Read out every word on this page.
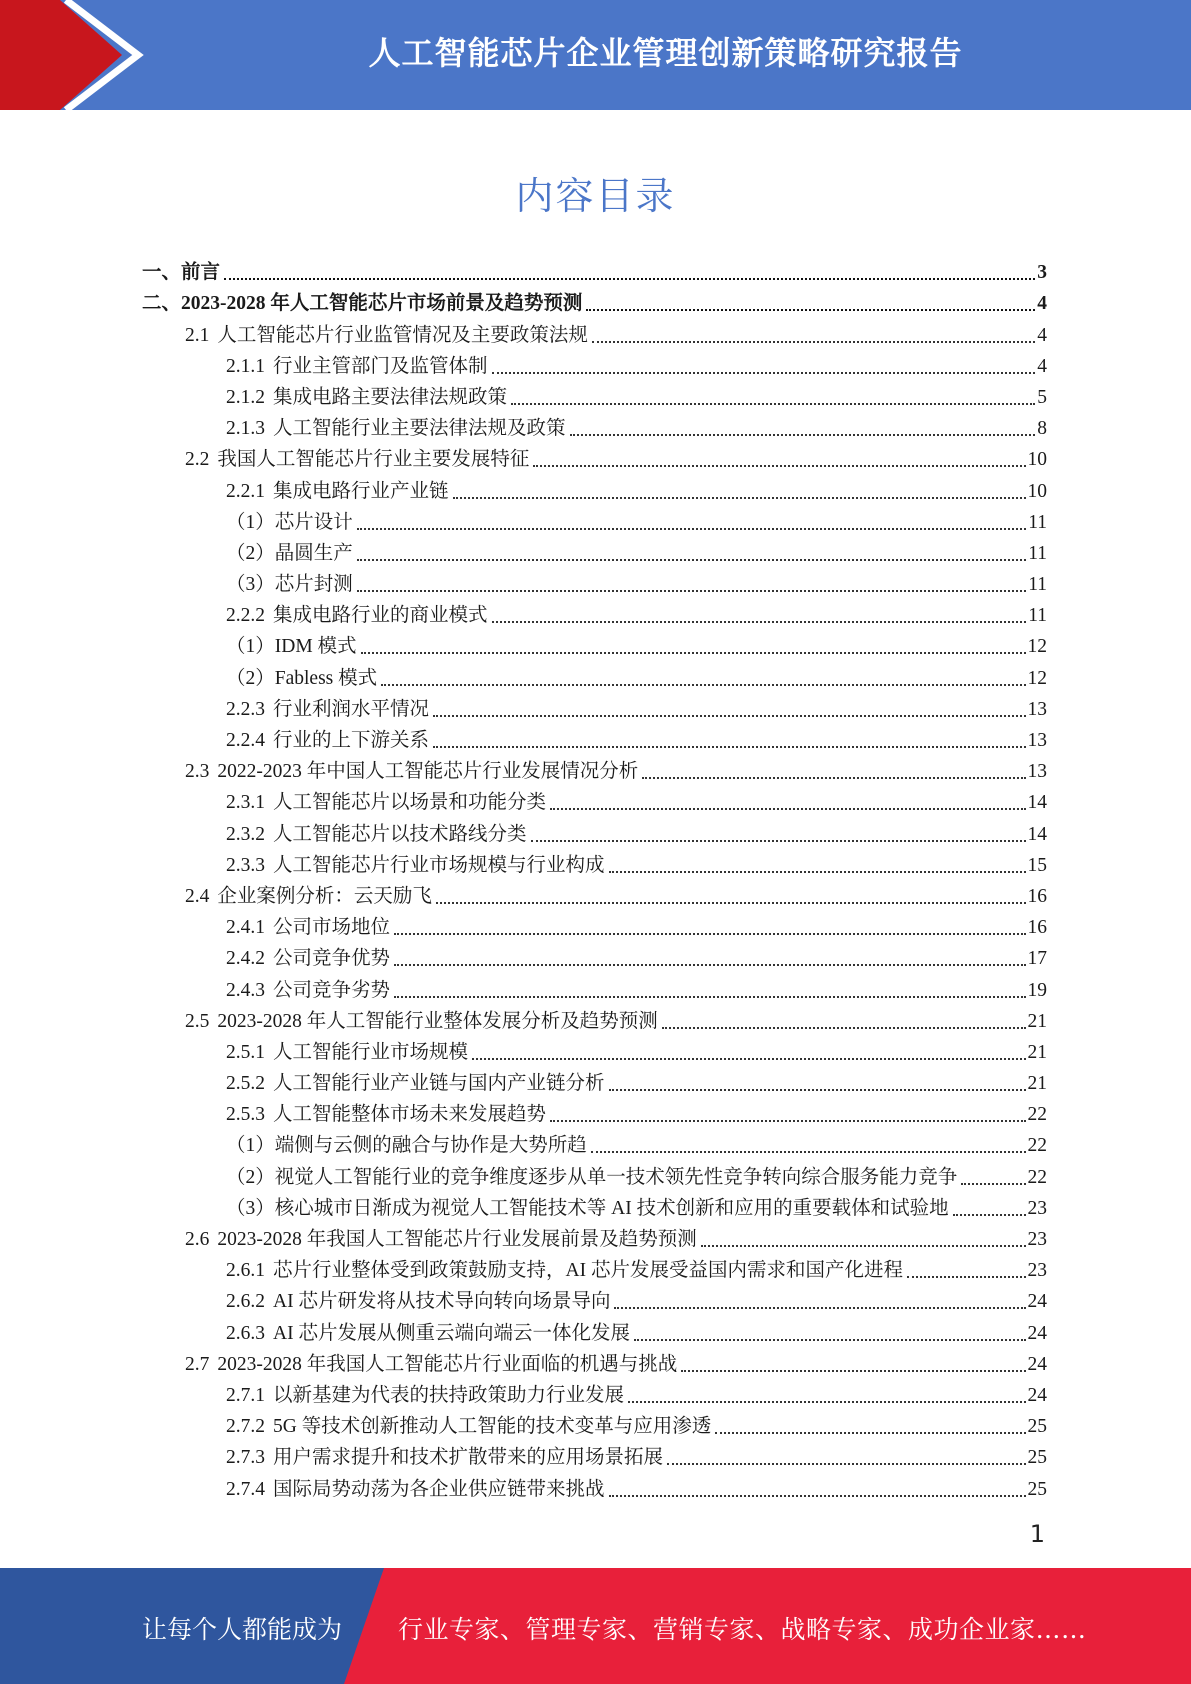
人工智能芯片企业管理创新策略研究报告
内容目录
一、 前言	3
二、 2023-2028 年人工智能芯片市场前景及趋势预测	4
2.1 人工智能芯片行业监管情况及主要政策法规	4
2.1.1 行业主管部门及监管体制	4
2.1.2 集成电路主要法律法规政策	5
2.1.3 人工智能行业主要法律法规及政策	8
2.2 我国人工智能芯片行业主要发展特征	10
2.2.1 集成电路行业产业链	10
（1） 芯片设计	11
（2） 晶圆生产	11
（3） 芯片封测	11
2.2.2 集成电路行业的商业模式	11
（1） IDM 模式	12
（2） Fabless 模式	12
2.2.3 行业利润水平情况	13
2.2.4 行业的上下游关系	13
2.3 2022-2023 年中国人工智能芯片行业发展情况分析	13
2.3.1 人工智能芯片以场景和功能分类	14
2.3.2 人工智能芯片以技术路线分类	14
2.3.3 人工智能芯片行业市场规模与行业构成	15
2.4 企业案例分析：云天励飞	16
2.4.1 公司市场地位	16
2.4.2 公司竞争优势	17
2.4.3 公司竞争劣势	19
2.5 2023-2028 年人工智能行业整体发展分析及趋势预测	21
2.5.1 人工智能行业市场规模	21
2.5.2 人工智能行业产业链与国内产业链分析	21
2.5.3 人工智能整体市场未来发展趋势	22
（1） 端侧与云侧的融合与协作是大势所趋	22
（2） 视觉人工智能行业的竞争维度逐步从单一技术领先性竞争转向综合服务能力竞争	22
（3） 核心城市日渐成为视觉人工智能技术等 AI 技术创新和应用的重要载体和试验地	23
2.6 2023-2028 年我国人工智能芯片行业发展前景及趋势预测	23
2.6.1 芯片行业整体受到政策鼓励支持，AI 芯片发展受益国内需求和国产化进程	23
2.6.2 AI 芯片研发将从技术导向转向场景导向	24
2.6.3 AI 芯片发展从侧重云端向端云一体化发展	24
2.7 2023-2028 年我国人工智能芯片行业面临的机遇与挑战	24
2.7.1 以新基建为代表的扶持政策助力行业发展	24
2.7.2 5G 等技术创新推动人工智能的技术变革与应用渗透	25
2.7.3 用户需求提升和技术扩散带来的应用场景拓展	25
2.7.4 国际局势动荡为各企业供应链带来挑战	25
1
让每个人都能成为 行业专家、管理专家、营销专家、战略专家、成功企业家……
